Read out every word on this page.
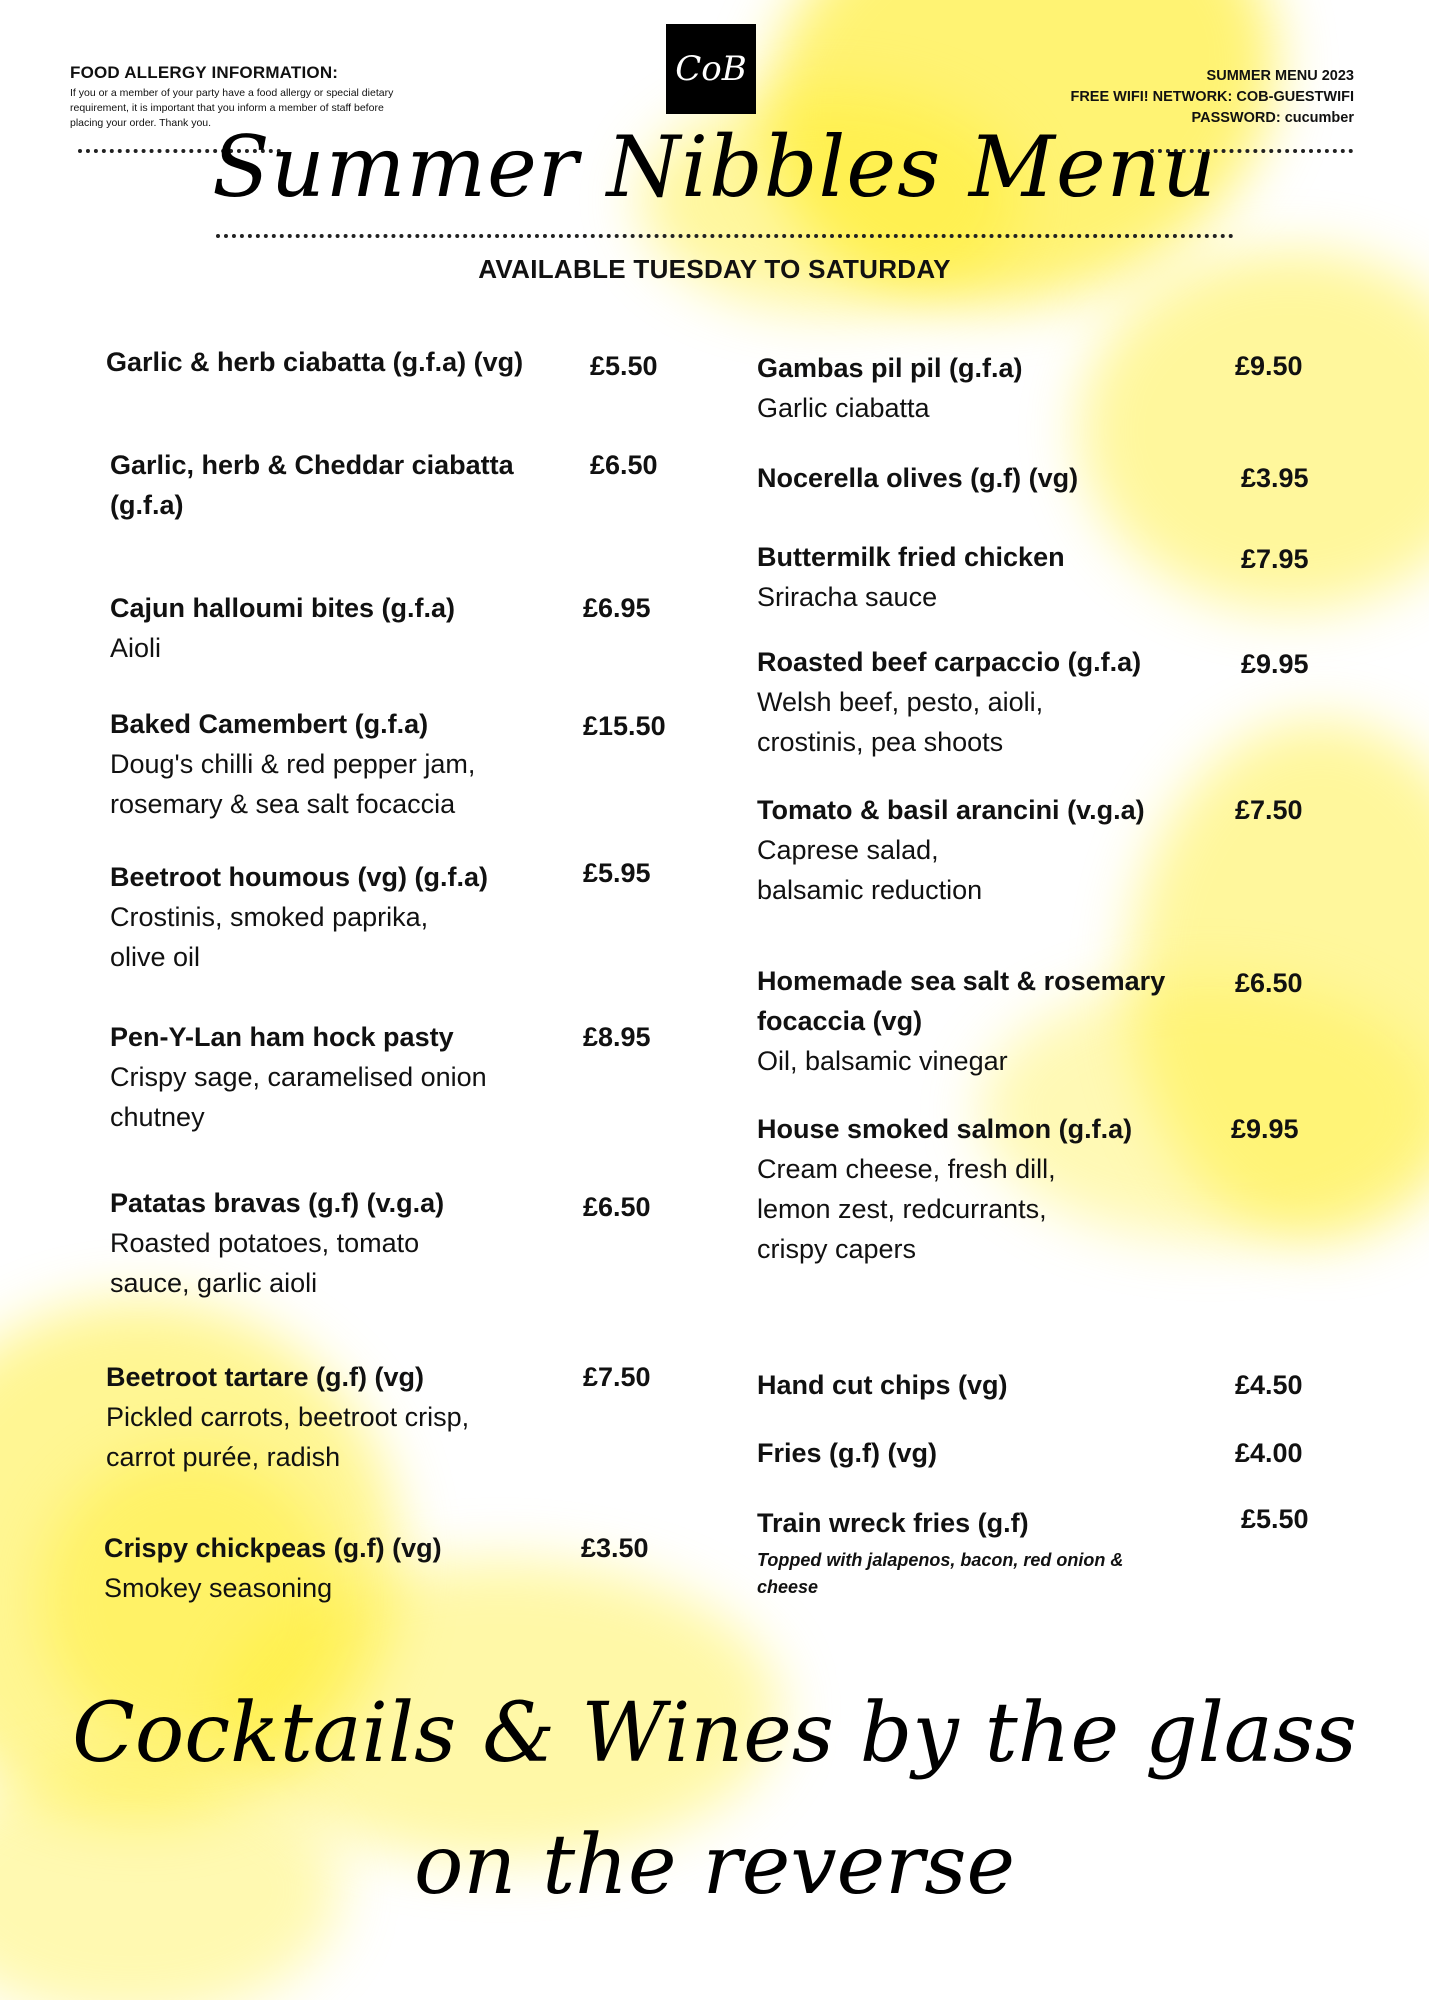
FOOD ALLERGY INFORMATION:
If you or a member of your party have a food allergy or special dietary requirement, it is important that you inform a member of staff before placing your order. Thank you.
CoB	SUMMER MENU 2023
FREE WIFI! NETWORK: COB-GUESTWIFI
PASSWORD: cucumber
Summer Nibbles Menu
AVAILABLE TUESDAY TO SATURDAY
Garlic & herb ciabatta (g.f.a) (vg)	£5.50
Garlic, herb & Cheddar ciabatta (g.f.a)
£6.50
Cajun halloumi bites (g.f.a)
Aioli
£6.95
Baked Camembert (g.f.a)
Doug's chilli & red pepper jam, rosemary & sea salt focaccia
£15.50
Beetroot houmous (vg) (g.f.a)
Crostinis, smoked paprika, olive oil
£5.95
Pen-Y-Lan ham hock pasty
Crispy sage, caramelised onion chutney
£8.95
Patatas bravas (g.f) (v.g.a)
Roasted potatoes, tomato sauce, garlic aioli
£6.50
Beetroot tartare (g.f) (vg)
Pickled carrots, beetroot crisp, carrot purée, radish
£7.50
Crispy chickpeas (g.f) (vg)
Smokey seasoning
£3.50
Gambas pil pil (g.f.a)
Garlic ciabatta
£9.50
Nocerella olives (g.f) (vg)	£3.95
Buttermilk fried chicken
Sriracha sauce
£7.95
Roasted beef carpaccio (g.f.a)
Welsh beef, pesto, aioli, crostinis, pea shoots
£9.95
Tomato & basil arancini (v.g.a)
Caprese salad, balsamic reduction
£7.50
Homemade sea salt & rosemary focaccia (vg)
Oil, balsamic vinegar
£6.50
House smoked salmon (g.f.a)
Cream cheese, fresh dill, lemon zest, redcurrants, crispy capers
£9.95
Hand cut chips (vg)	£4.50
Fries (g.f) (vg)	£4.00
Train wreck fries (g.f)
Topped with jalapenos, bacon, red onion & cheese
£5.50
Cocktails & Wines by the glass
on the reverse
